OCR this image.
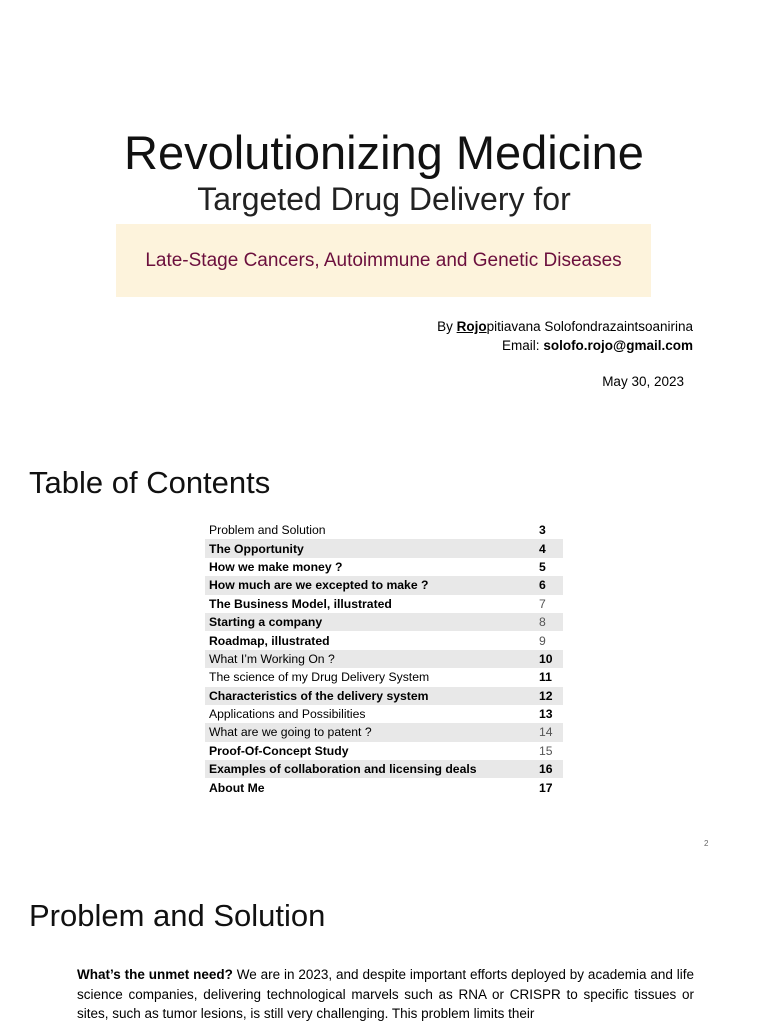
Revolutionizing Medicine
Targeted Drug Delivery for
Late-Stage Cancers, Autoimmune and Genetic Diseases
By Rojopitiavana Solofondrazaintsoanirina
Email: solofo.rojo@gmail.com
May 30, 2023
Table of Contents
Problem and Solution	3
The Opportunity	4
How we make money ?	5
How much are we excepted to make ?	6
The Business Model, illustrated	7
Starting a company	8
Roadmap, illustrated	9
What I’m Working On ?	10
The science of my Drug Delivery System	11
Characteristics of the delivery system	12
Applications and Possibilities	13
What are we going to patent ?	14
Proof-Of-Concept Study	15
Examples of collaboration and licensing deals	16
About Me	17
2
Problem and Solution
What’s the unmet need? We are in 2023, and despite important efforts deployed by academia and life science companies, delivering technological marvels such as RNA or CRISPR to specific tissues or sites, such as tumor lesions, is still very challenging. This problem limits their
